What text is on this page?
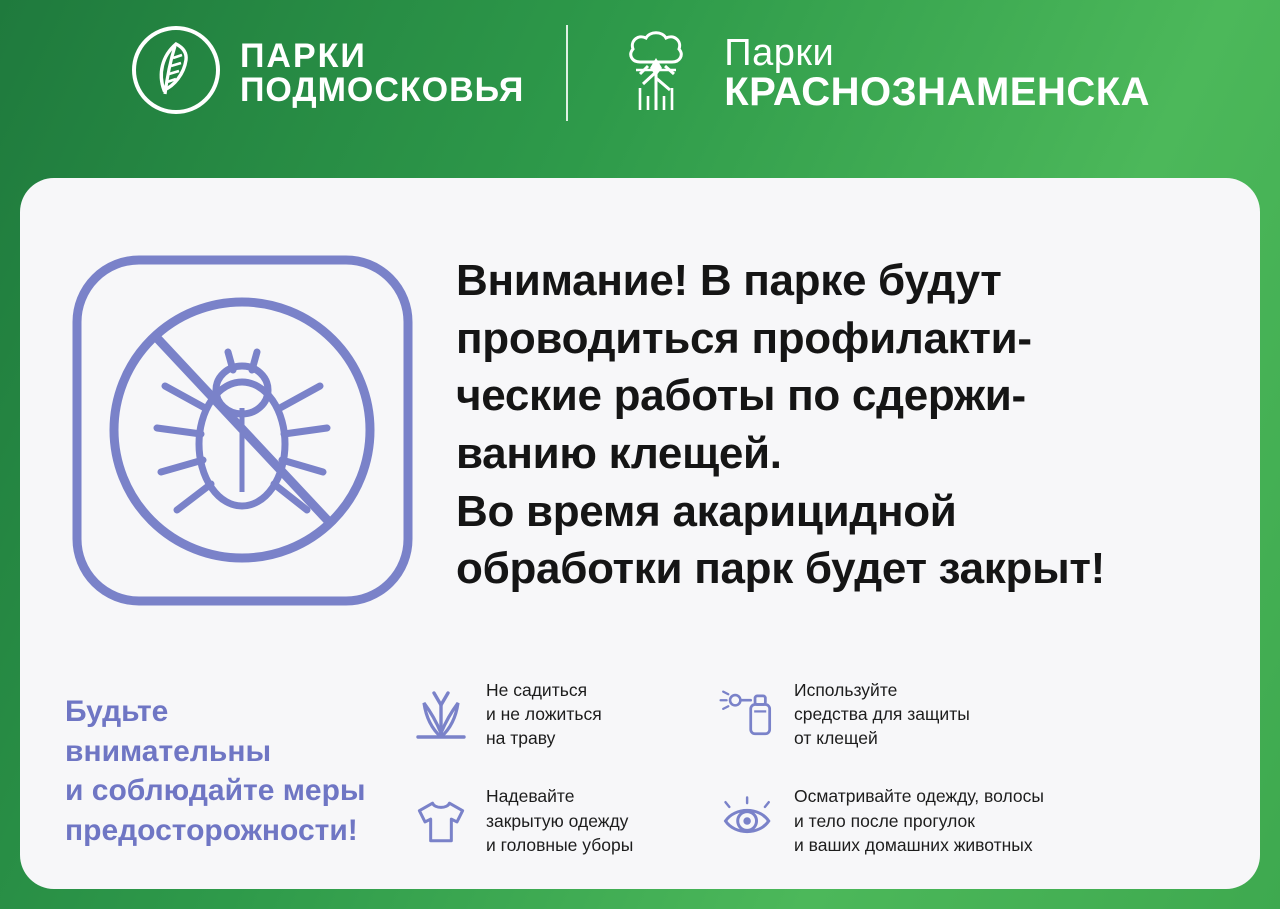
ПАРКИ
ПОДМОСКОВЬЯ
Парки
КРАСНОЗНАМЕНСКА
Внимание! В парке будут
проводиться профилакти-
ческие работы по сдержи-
ванию клещей.
Во время акарицидной
обработки парк будет закрыт!
Будьте
внимательны
и соблюдайте меры
предосторожности!
Не садиться
и не ложиться
на траву
Используйте
средства для защиты
от клещей
Надевайте
закрытую одежду
и головные уборы
Осматривайте одежду, волосы
и тело после прогулок
и ваших домашних животных
